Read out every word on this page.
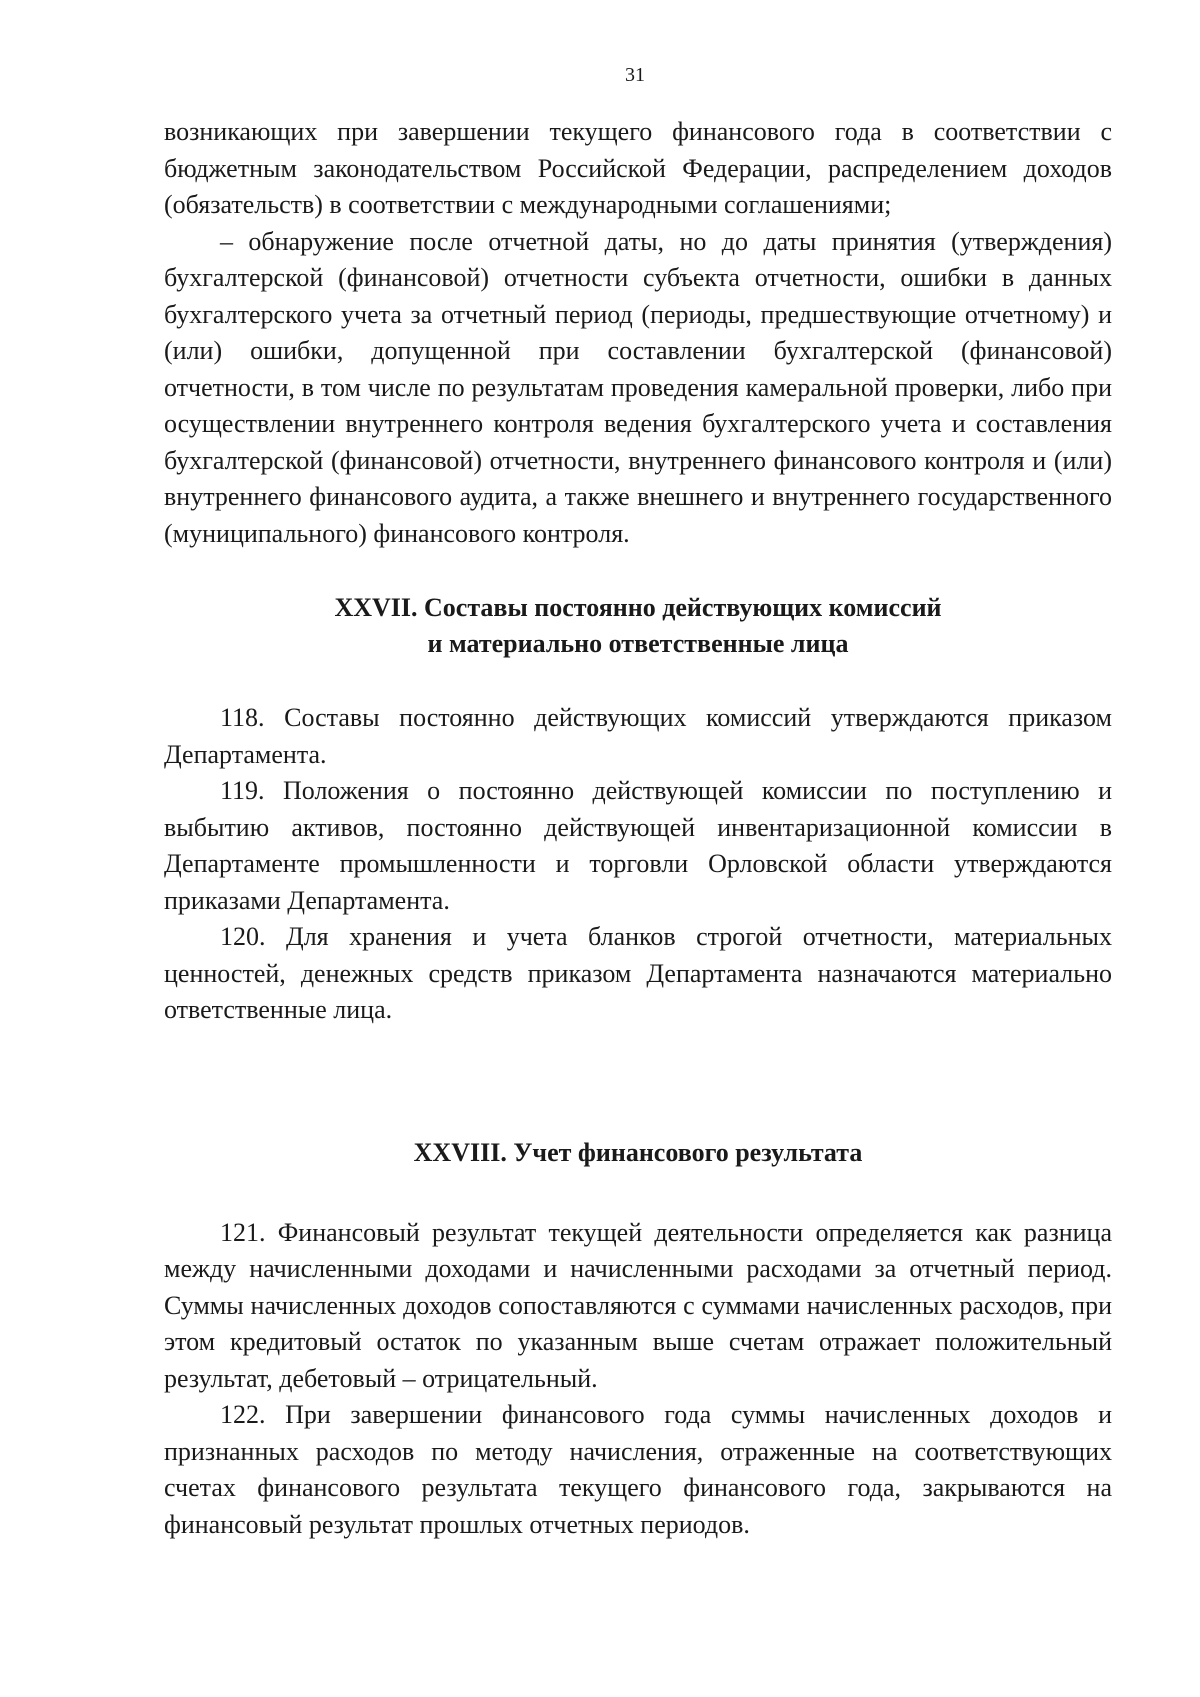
31

возникающих при завершении текущего финансового года в соответствии с бюджетным законодательством Российской Федерации, распределением доходов (обязательств) в соответствии с международными соглашениями;

– обнаружение после отчетной даты, но до даты принятия (утверждения) бухгалтерской (финансовой) отчетности субъекта отчетности, ошибки в данных бухгалтерского учета за отчетный период (периоды, предшествующие отчетному) и (или) ошибки, допущенной при составлении бухгалтерской (финансовой) отчетности, в том числе по результатам проведения камеральной проверки, либо при осуществлении внутреннего контроля ведения бухгалтерского учета и составления бухгалтерской (финансовой) отчетности, внутреннего финансового контроля и (или) внутреннего финансового аудита, а также внешнего и внутреннего государственного (муниципального) финансового контроля.

XXVII. Составы постоянно действующих комиссий
и материально ответственные лица

118. Составы постоянно действующих комиссий утверждаются приказом Департамента.

119. Положения о постоянно действующей комиссии по поступлению и выбытию активов, постоянно действующей инвентаризационной комиссии в Департаменте промышленности и торговли Орловской области утверждаются приказами Департамента.

120. Для хранения и учета бланков строгой отчетности, материальных ценностей, денежных средств приказом Департамента назначаются материально ответственные лица.

XXVIII. Учет финансового результата

121. Финансовый результат текущей деятельности определяется как разница между начисленными доходами и начисленными расходами за отчетный период. Суммы начисленных доходов сопоставляются с суммами начисленных расходов, при этом кредитовый остаток по указанным выше счетам отражает положительный результат, дебетовый – отрицательный.

122. При завершении финансового года суммы начисленных доходов и признанных расходов по методу начисления, отраженные на соответствующих счетах финансового результата текущего финансового года, закрываются на финансовый результат прошлых отчетных периодов.
